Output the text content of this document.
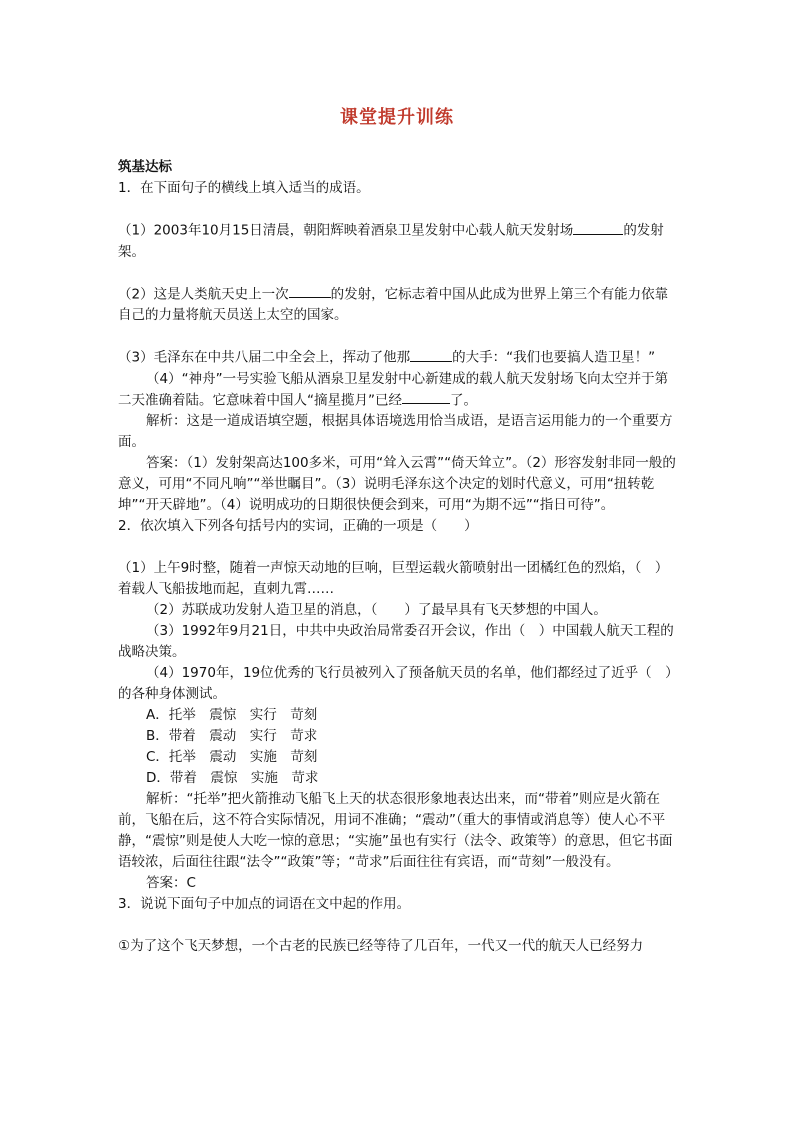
课堂提升训练

筑基达标

1．在下面句子的横线上填入适当的成语。

（1）2003年10月15日清晨，朝阳辉映着酒泉卫星发射中心载人航天发射场	的发射架。

（2）这是人类航天史上一次	的发射，它标志着中国从此成为世界上第三个有能力依靠自己的力量将航天员送上太空的国家。

（3）毛泽东在中共八届二中全会上，挥动了他那	的大手：“我们也要搞人造卫星！”

（4）“神舟”一号实验飞船从酒泉卫星发射中心新建成的载人航天发射场飞向太空并于第二天准确着陆。它意味着中国人“摘星揽月”已经	了。

解析：这是一道成语填空题，根据具体语境选用恰当成语，是语言运用能力的一个重要方面。

答案：（1）发射架高达100多米，可用“耸入云霄”“倚天耸立”。（2）形容发射非同一般的意义，可用“不同凡响”“举世瞩目”。（3）说明毛泽东这个决定的划时代意义，可用“扭转乾坤”“开天辟地”。（4）说明成功的日期很快便会到来，可用“为期不远”“指日可待”。

2．依次填入下列各句括号内的实词，正确的一项是（　　）

（1）上午9时整，随着一声惊天动地的巨响，巨型运载火箭喷射出一团橘红色的烈焰，（　）着载人飞船拔地而起，直刺九霄……

（2）苏联成功发射人造卫星的消息，（　　）了最早具有飞天梦想的中国人。

（3）1992年9月21日，中共中央政治局常委召开会议，作出（　）中国载人航天工程的战略决策。

（4）1970年，19位优秀的飞行员被列入了预备航天员的名单，他们都经过了近乎（　）的各种身体测试。

A．托举　震惊　实行　苛刻

B．带着　震动　实行　苛求

C．托举　震动　实施　苛刻

D．带着　震惊　实施　苛求

解析：“托举”把火箭推动飞船飞上天的状态很形象地表达出来，而“带着”则应是火箭在前，飞船在后，这不符合实际情况，用词不准确；“震动”（重大的事情或消息等）使人心不平静，“震惊”则是使人大吃一惊的意思；“实施”虽也有实行（法令、政策等）的意思，但它书面语较浓，后面往往跟“法令”“政策”等；“苛求”后面往往有宾语，而“苛刻”一般没有。

答案：C

3．说说下面句子中加点的词语在文中起的作用。

①为了这个飞天梦想，一个古老的民族已经等待了几百年，一代又一代的航天人已经努力
